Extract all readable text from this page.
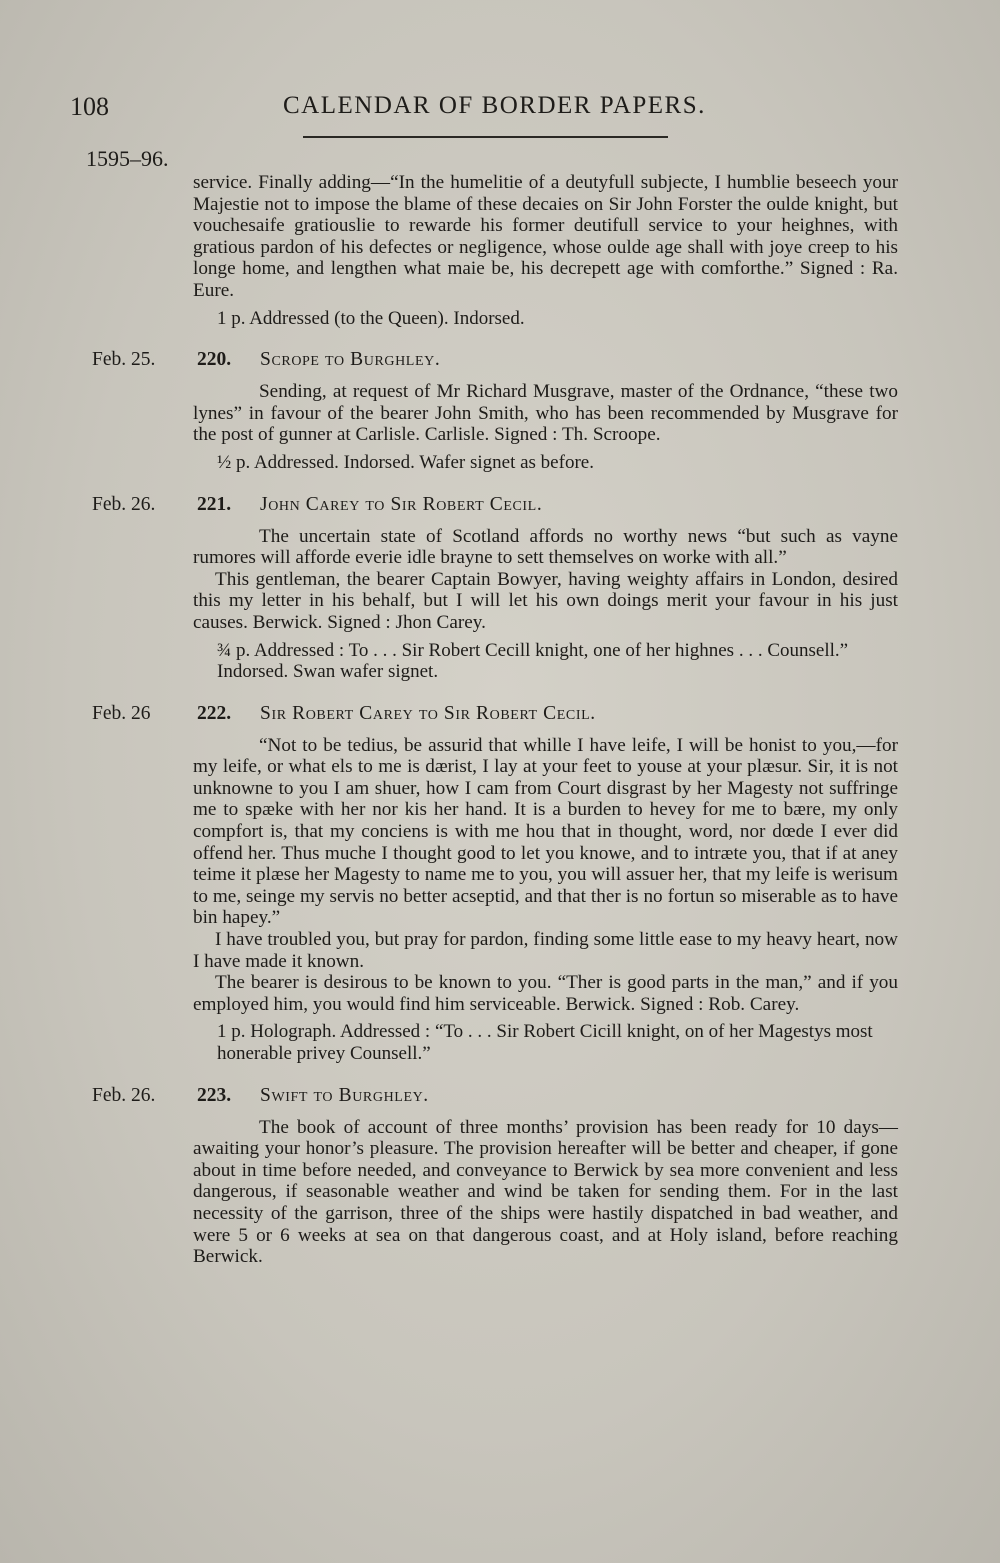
108	CALENDAR OF BORDER PAPERS.
1595–96.

service. Finally adding—“In the humelitie of a deutyfull subjecte, I humblie beseech your Majestie not to impose the blame of these decaies on Sir John Forster the oulde knight, but vouchesaife gratiouslie to rewarde his former deutifull service to your heighnes, with gratious pardon of his defectes or negligence, whose oulde age shall with joye creep to his longe home, and lengthen what maie be, his decrepett age with comforthe.” Signed : Ra. Eure.

1 p. Addressed (to the Queen). Indorsed.

Feb. 25. 220. Scrope to Burghley.

Sending, at request of Mr Richard Musgrave, master of the Ordnance, “these two lynes” in favour of the bearer John Smith, who has been recommended by Musgrave for the post of gunner at Carlisle. Carlisle. Signed : Th. Scroope.

½ p. Addressed. Indorsed. Wafer signet as before.

Feb. 26. 221. John Carey to Sir Robert Cecil.

The uncertain state of Scotland affords no worthy news “but such as vayne rumores will afforde everie idle brayne to sett themselves on worke with all.”

This gentleman, the bearer Captain Bowyer, having weighty affairs in London, desired this my letter in his behalf, but I will let his own doings merit your favour in his just causes. Berwick. Signed : Jhon Carey.

¾ p. Addressed : To . . . Sir Robert Cecill knight, one of her highnes . . . Counsell.” Indorsed. Swan wafer signet.

Feb. 26 222. Sir Robert Carey to Sir Robert Cecil.

“Not to be tedius, be assurid that whille I have leife, I will be honist to you,—for my leife, or what els to me is dærist, I lay at your feet to youse at your plæsur. Sir, it is not unknowne to you I am shuer, how I cam from Court disgrast by her Magesty not suffringe me to spæke with her nor kis her hand. It is a burden to hevey for me to bære, my only compfort is, that my conciens is with me hou that in thought, word, nor dœde I ever did offend her. Thus muche I thought good to let you knowe, and to intræte you, that if at aney teime it plæse her Magesty to name me to you, you will assuer her, that my leife is werisum to me, seinge my servis no better acseptid, and that ther is no fortun so miserable as to have bin hapey.”

I have troubled you, but pray for pardon, finding some little ease to my heavy heart, now I have made it known.

The bearer is desirous to be known to you. “Ther is good parts in the man,” and if you employed him, you would find him serviceable. Berwick. Signed : Rob. Carey.

1 p. Holograph. Addressed : “To . . . Sir Robert Cicill knight, on of her Magestys most honerable privey Counsell.”

Feb. 26. 223. Swift to Burghley.

The book of account of three months’ provision has been ready for 10 days—awaiting your honor’s pleasure. The provision hereafter will be better and cheaper, if gone about in time before needed, and conveyance to Berwick by sea more convenient and less dangerous, if seasonable weather and wind be taken for sending them. For in the last necessity of the garrison, three of the ships were hastily dispatched in bad weather, and were 5 or 6 weeks at sea on that dangerous coast, and at Holy island, before reaching Berwick.
